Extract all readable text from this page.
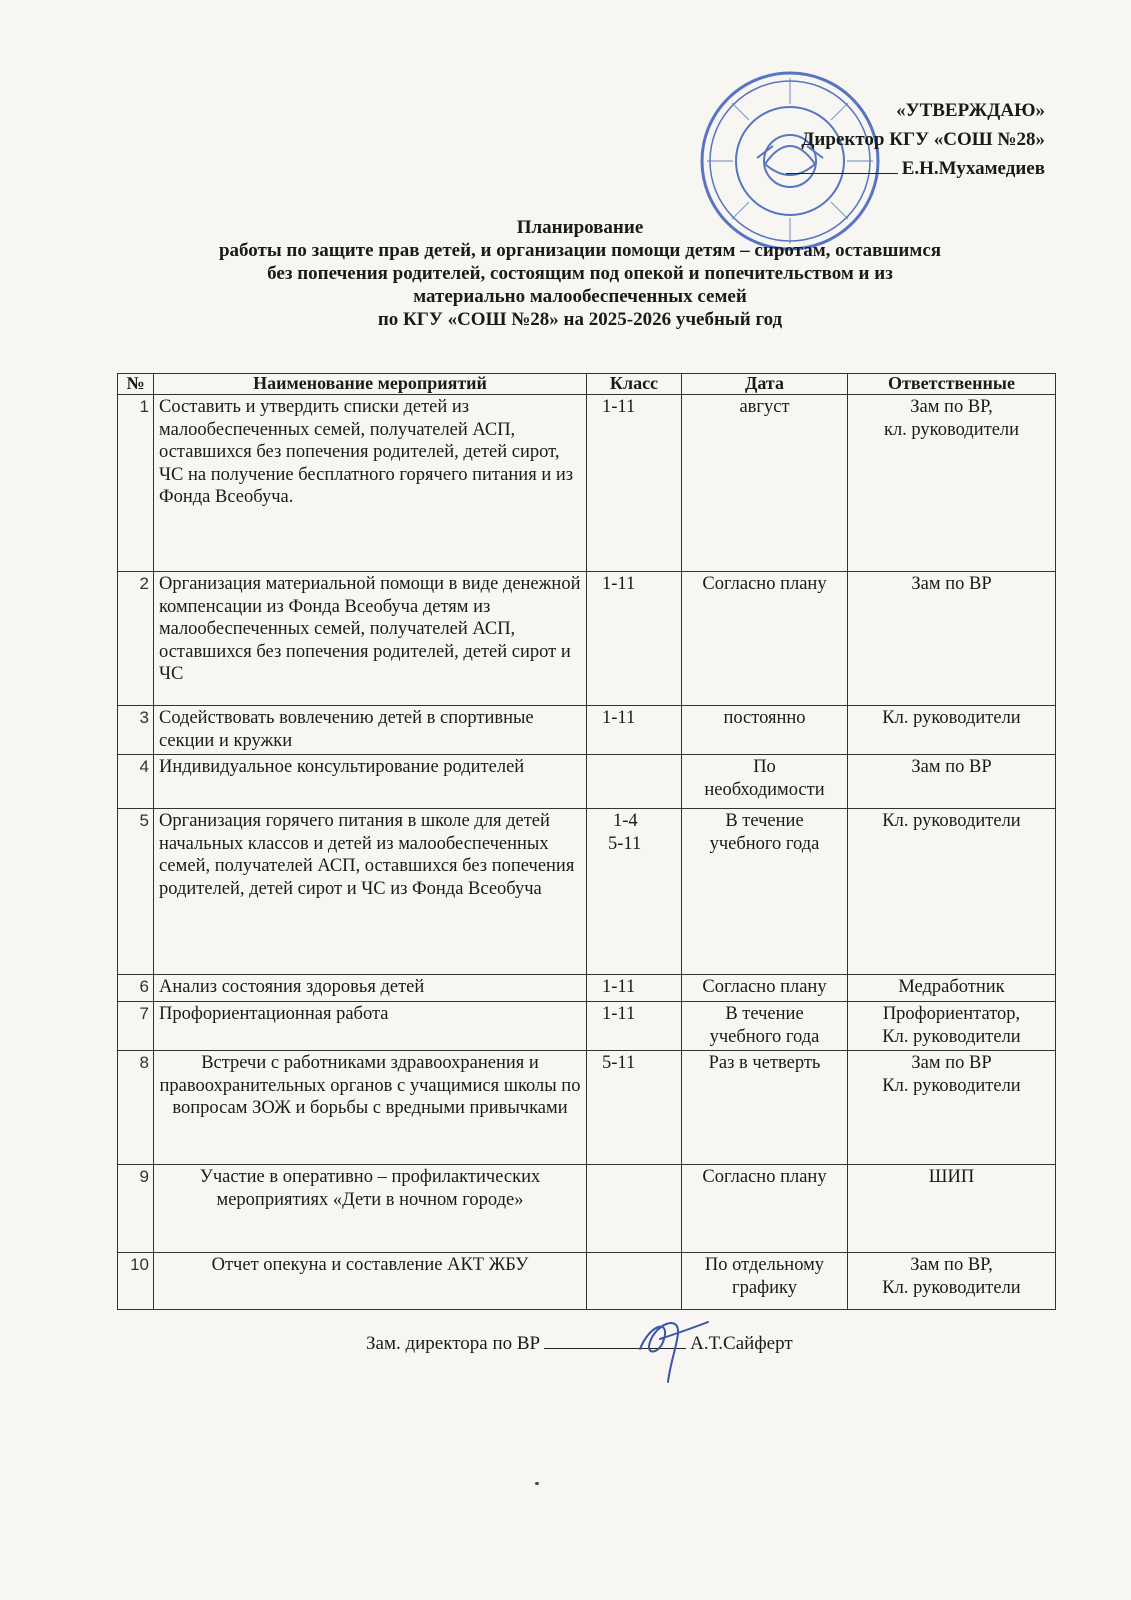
«УТВЕРЖДАЮ»
Директор КГУ «СОШ №28»
Е.Н.Мухамедиев
Планирование
работы по защите прав детей, и организации помощи детям – сиротам, оставшимся
без попечения родителей, состоящим под опекой и попечительством и из
материально малообеспеченных семей
по КГУ «СОШ №28» на 2025-2026 учебный год
№	Наименование мероприятий	Класс	Дата	Ответственные
1	Составить и утвердить списки детей из малообеспеченных семей, получателей АСП, оставшихся без попечения родителей, детей сирот, ЧС на получение бесплатного горячего питания и из Фонда Всеобуча.	1-11	август	Зам по ВР,
кл. руководители

2	Организация материальной помощи в виде денежной компенсации из Фонда Всеобуча детям из малообеспеченных семей, получателей АСП, оставшихся без попечения родителей, детей сирот и ЧС	1-11	Согласно плану	Зам по ВР

3	Содействовать вовлечению детей в спортивные секции и кружки	1-11	постоянно	Кл. руководители

4	Индивидуальное консультирование родителей		По
необходимости	Зам по ВР

5	Организация горячего питания в школе для детей начальных классов и детей из малообеспеченных семей, получателей АСП, оставшихся без попечения родителей, детей сирот и ЧС из Фонда Всеобуча	1-4
5-11	В течение
учебного года	Кл. руководители

6	Анализ состояния здоровья детей	1-11	Согласно плану	Медработник

7	Профориентационная работа	1-11	В течение
учебного года	Профориентатор,
Кл. руководители

8	Встречи с работниками здравоохранения и правоохранительных органов с учащимися школы по вопросам ЗОЖ и борьбы с вредными привычками	5-11	Раз в четверть	Зам по ВР
Кл. руководители

9	Участие в оперативно – профилактических мероприятиях «Дети в ночном городе»		Согласно плану	ШИП

10	Отчет опекуна и составление АКТ ЖБУ		По отдельному
графику	Зам по ВР,
Кл. руководители
Зам. директора по ВР	А.Т.Сайферт
